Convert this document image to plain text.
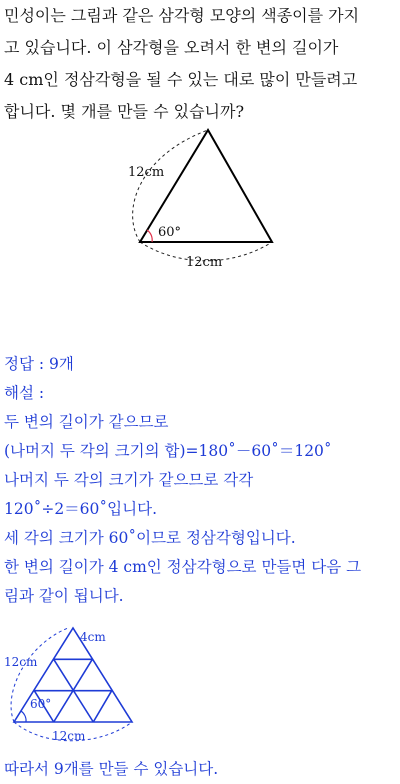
민성이는 그림과 같은 삼각형 모양의 색종이를 가지
고 있습니다. 이 삼각형을 오려서 한 변의 길이가
4 cm인 정삼각형을 될 수 있는 대로 많이 만들려고
합니다. 몇 개를 만들 수 있습니까?
12cm
60°
12cm
정답 : 9개
해설 :
두 변의 길이가 같으므로
(나머지 두 각의 크기의 합)=180˚－60˚＝120˚
나머지 두 각의 크기가 같으므로 각각
120˚÷2＝60˚입니다.
세 각의 크기가 60˚이므로 정삼각형입니다.
한 변의 길이가 4 cm인 정삼각형으로 만들면 다음 그
림과 같이 됩니다.
12cm
4cm
60°
12cm
따라서 9개를 만들 수 있습니다.
